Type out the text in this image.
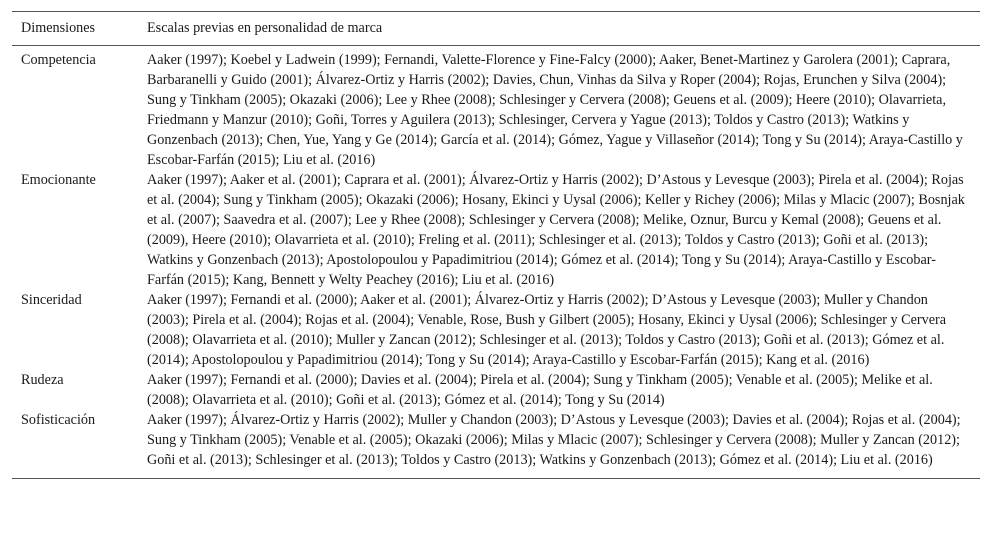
Dimensiones	Escalas previas en personalidad de marca
Competencia	Aaker (1997); Koebel y Ladwein (1999); Fernandi, Valette-Florence y Fine-Falcy (2000); Aaker, Benet-Martinez y Garolera (2001); Caprara, Barbaranelli y Guido (2001); Álvarez-Ortiz y Harris (2002); Davies, Chun, Vinhas da Silva y Roper (2004); Rojas, Erunchen y Silva (2004); Sung y Tinkham (2005); Okazaki (2006); Lee y Rhee (2008); Schlesinger y Cervera (2008); Geuens et al. (2009); Heere (2010); Olavarrieta, Friedmann y Manzur (2010); Goñi, Torres y Aguilera (2013); Schlesinger, Cervera y Yague (2013); Toldos y Castro (2013); Watkins y Gonzenbach (2013); Chen, Yue, Yang y Ge (2014); García et al. (2014); Gómez, Yague y Villaseñor (2014); Tong y Su (2014); Araya-Castillo y Escobar-Farfán (2015); Liu et al. (2016)
Emocionante	Aaker (1997); Aaker et al. (2001); Caprara et al. (2001); Álvarez-Ortiz y Harris (2002); D’Astous y Levesque (2003); Pirela et al. (2004); Rojas et al. (2004); Sung y Tinkham (2005); Okazaki (2006); Hosany, Ekinci y Uysal (2006); Keller y Richey (2006); Milas y Mlacic (2007); Bosnjak et al. (2007); Saavedra et al. (2007); Lee y Rhee (2008); Schlesinger y Cervera (2008); Melike, Oznur, Burcu y Kemal (2008); Geuens et al. (2009), Heere (2010); Olavarrieta et al. (2010); Freling et al. (2011); Schlesinger et al. (2013); Toldos y Castro (2013); Goñi et al. (2013); Watkins y Gonzenbach (2013); Apostolopoulou y Papadimitriou (2014); Gómez et al. (2014); Tong y Su (2014); Araya-Castillo y Escobar-Farfán (2015); Kang, Bennett y Welty Peachey (2016); Liu et al. (2016)
Sinceridad	Aaker (1997); Fernandi et al. (2000); Aaker et al. (2001); Álvarez-Ortiz y Harris (2002); D’Astous y Levesque (2003); Muller y Chandon (2003); Pirela et al. (2004); Rojas et al. (2004); Venable, Rose, Bush y Gilbert (2005); Hosany, Ekinci y Uysal (2006); Schlesinger y Cervera (2008); Olavarrieta et al. (2010); Muller y Zancan (2012); Schlesinger et al. (2013); Toldos y Castro (2013); Goñi et al. (2013); Gómez et al. (2014); Apostolopoulou y Papadimitriou (2014); Tong y Su (2014); Araya-Castillo y Escobar-Farfán (2015); Kang et al. (2016)
Rudeza	Aaker (1997); Fernandi et al. (2000); Davies et al. (2004); Pirela et al. (2004); Sung y Tinkham (2005); Venable et al. (2005); Melike et al. (2008); Olavarrieta et al. (2010); Goñi et al. (2013); Gómez et al. (2014); Tong y Su (2014)
Sofisticación	Aaker (1997); Álvarez-Ortiz y Harris (2002); Muller y Chandon (2003); D’Astous y Levesque (2003); Davies et al. (2004); Rojas et al. (2004); Sung y Tinkham (2005); Venable et al. (2005); Okazaki (2006); Milas y Mlacic (2007); Schlesinger y Cervera (2008); Muller y Zancan (2012); Goñi et al. (2013); Schlesinger et al. (2013); Toldos y Castro (2013); Watkins y Gonzenbach (2013); Gómez et al. (2014); Liu et al. (2016)
